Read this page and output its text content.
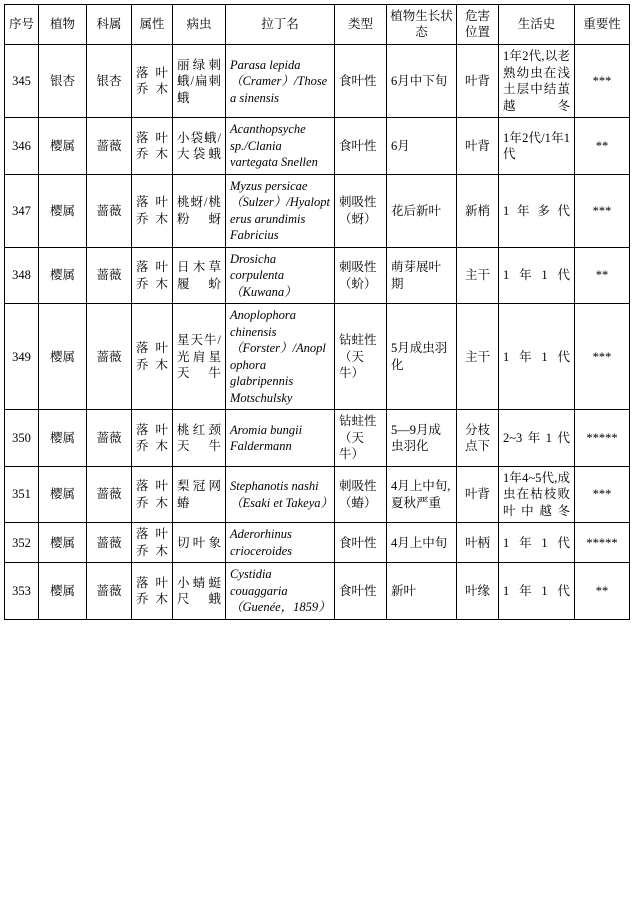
序号	植物	科属	属性	病虫	拉丁名	类型	植物生长状态	危害位置	生活史	重要性
345	银杏	银杏	落叶乔木	丽绿刺蛾/扁刺蛾	Parasa lepida（Cramer）/Thosea sinensis	食叶性	6月中下旬	叶背	1年2代,以老熟幼虫在浅土层中结茧越冬	***
346	樱属	蔷薇	落叶乔木	小袋蛾/大袋蛾	Acanthopsyche sp./Clania vartegata Snellen	食叶性	6月	叶背	1年2代/1年1代	**
347	樱属	蔷薇	落叶乔木	桃蚜/桃粉蚜	Myzus persicae（Sulzer）/Hyalopterus arundimis Fabricius	刺吸性（蚜）	花后新叶	新梢	1年多代	***
348	樱属	蔷薇	落叶乔木	日木草履蚧	Drosicha corpulenta（Kuwana）	刺吸性（蚧）	萌芽展叶期	主干	1年1代	**
349	樱属	蔷薇	落叶乔木	星天牛/光肩星天牛	Anoplophora chinensis（Forster）/Anoplophora glabripennis Motschulsky	钻蛀性（天牛）	5月成虫羽化	主干	1年1代	***
350	樱属	蔷薇	落叶乔木	桃红颈天牛	Aromia bungii Faldermann	钻蛀性（天牛）	5—9月成虫羽化	分枝点下	2~3年1代	*****
351	樱属	蔷薇	落叶乔木	梨冠网蝽	Stephanotis nashi（Esaki et Takeya）	刺吸性（蝽）	4月上中旬,夏秋严重	叶背	1年4~5代,成虫在枯枝败叶中越冬	***
352	樱属	蔷薇	落叶乔木	切叶象	Aderorhinus crioceroides	食叶性	4月上中旬	叶柄	1年1代	*****
353	樱属	蔷薇	落叶乔木	小蜻蜓尺蛾	Cystidia couaggaria（Guenée，1859）	食叶性	新叶	叶缘	1年1代	**
